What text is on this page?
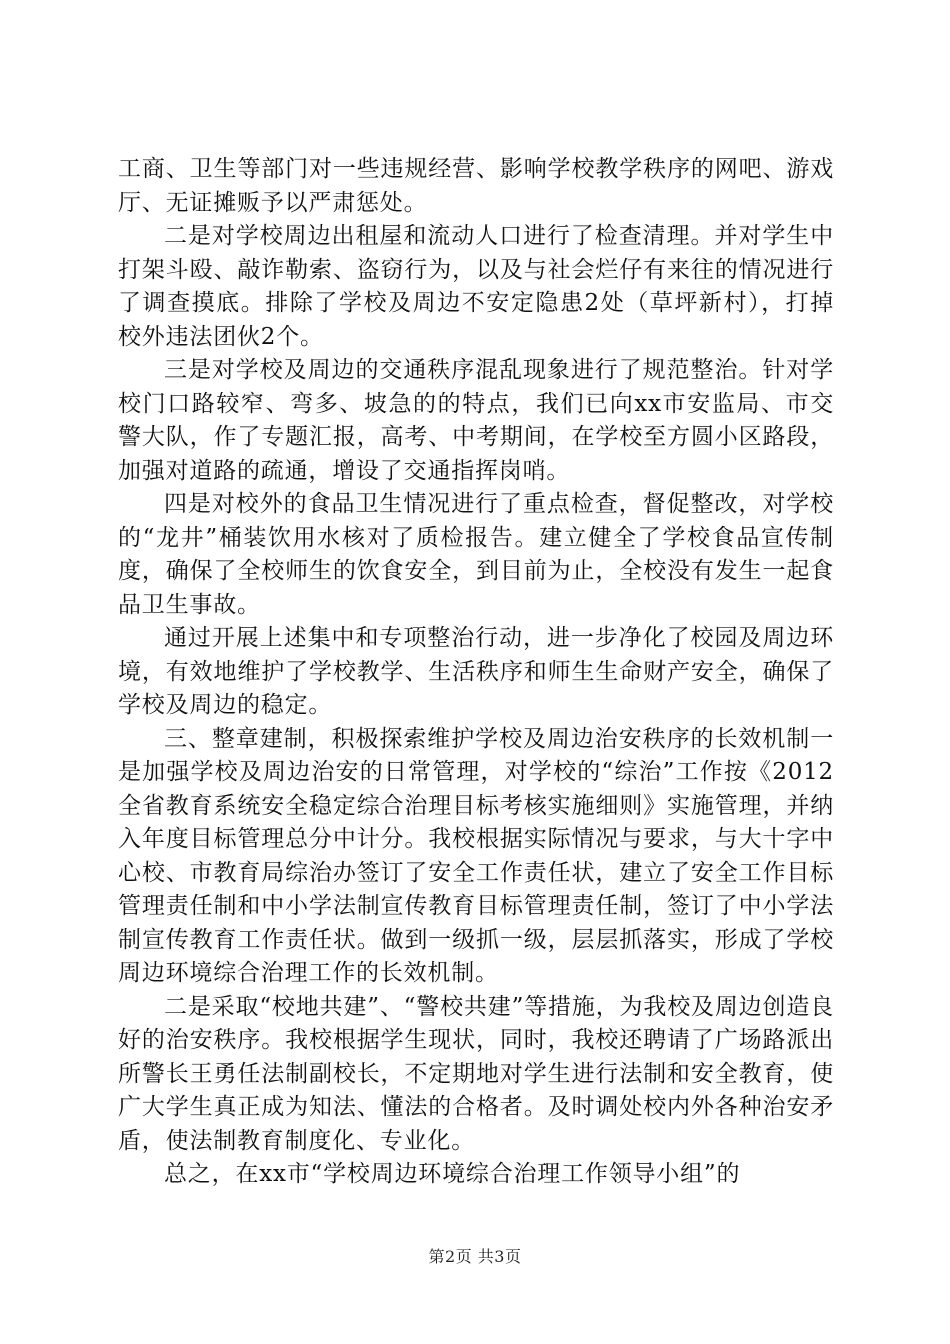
工商、卫生等部门对一些违规经营、影响学校教学秩序的网吧、游戏厅、无证摊贩予以严肃惩处。

二是对学校周边出租屋和流动人口进行了检查清理。并对学生中打架斗殴、敲诈勒索、盗窃行为，以及与社会烂仔有来往的情况进行了调查摸底。排除了学校及周边不安定隐患2处（草坪新村），打掉校外违法团伙2个。

三是对学校及周边的交通秩序混乱现象进行了规范整治。针对学校门口路较窄、弯多、坡急的的特点，我们已向xx市安监局、市交警大队，作了专题汇报，高考、中考期间，在学校至方圆小区路段，加强对道路的疏通，增设了交通指挥岗哨。

四是对校外的食品卫生情况进行了重点检查，督促整改，对学校的“龙井”桶装饮用水核对了质检报告。建立健全了学校食品宣传制度，确保了全校师生的饮食安全，到目前为止，全校没有发生一起食品卫生事故。

通过开展上述集中和专项整治行动，进一步净化了校园及周边环境，有效地维护了学校教学、生活秩序和师生生命财产安全，确保了学校及周边的稳定。

三、整章建制，积极探索维护学校及周边治安秩序的长效机制一是加强学校及周边治安的日常管理，对学校的“综治”工作按《2012全省教育系统安全稳定综合治理目标考核实施细则》实施管理，并纳入年度目标管理总分中计分。我校根据实际情况与要求，与大十字中心校、市教育局综治办签订了安全工作责任状，建立了安全工作目标管理责任制和中小学法制宣传教育目标管理责任制，签订了中小学法制宣传教育工作责任状。做到一级抓一级，层层抓落实，形成了学校周边环境综合治理工作的长效机制。

二是采取“校地共建”、“警校共建”等措施，为我校及周边创造良好的治安秩序。我校根据学生现状，同时，我校还聘请了广场路派出所警长王勇任法制副校长，不定期地对学生进行法制和安全教育，使广大学生真正成为知法、懂法的合格者。及时调处校内外各种治安矛盾，使法制教育制度化、专业化。

总之，在xx市“学校周边环境综合治理工作领导小组”的

第2页 共3页
